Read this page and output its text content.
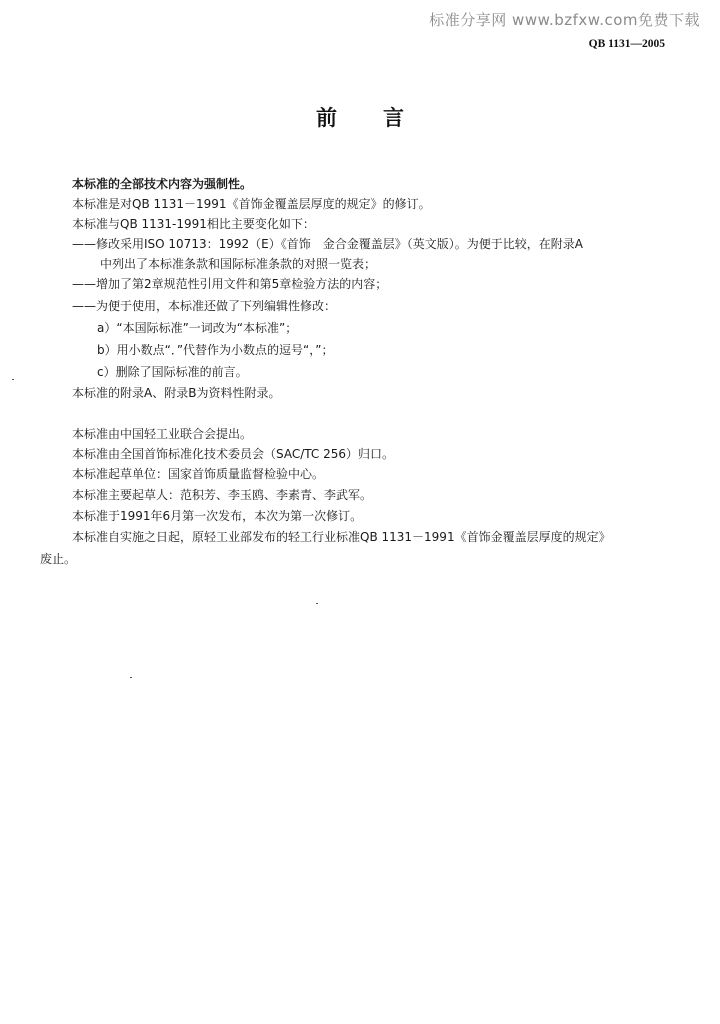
标准分享网 www.bzfxw.com免费下载
QB 1131—2005
前言
本标准的全部技术内容为强制性。
本标准是对QB 1131－1991《首饰金覆盖层厚度的规定》的修订。
本标准与QB 1131-1991相比主要变化如下：
——修改采用ISO 10713：1992（E）《首饰　金合金覆盖层》（英文版）。为便于比较，在附录A
中列出了本标准条款和国际标准条款的对照一览表；
——增加了第2章规范性引用文件和第5章检验方法的内容；
——为便于使用，本标准还做了下列编辑性修改：
a）“本国际标准”一词改为“本标准”；
b）用小数点“．”代替作为小数点的逗号“，”；
c）删除了国际标准的前言。
本标准的附录A、附录B为资料性附录。
本标准由中国轻工业联合会提出。
本标准由全国首饰标准化技术委员会（SAC/TC 256）归口。
本标准起草单位：国家首饰质量监督检验中心。
本标准主要起草人：范积芳、李玉鸥、李素青、李武军。
本标准于1991年6月第一次发布，本次为第一次修订。
本标准自实施之日起，原轻工业部发布的轻工行业标准QB 1131－1991《首饰金覆盖层厚度的规定》
废止。
